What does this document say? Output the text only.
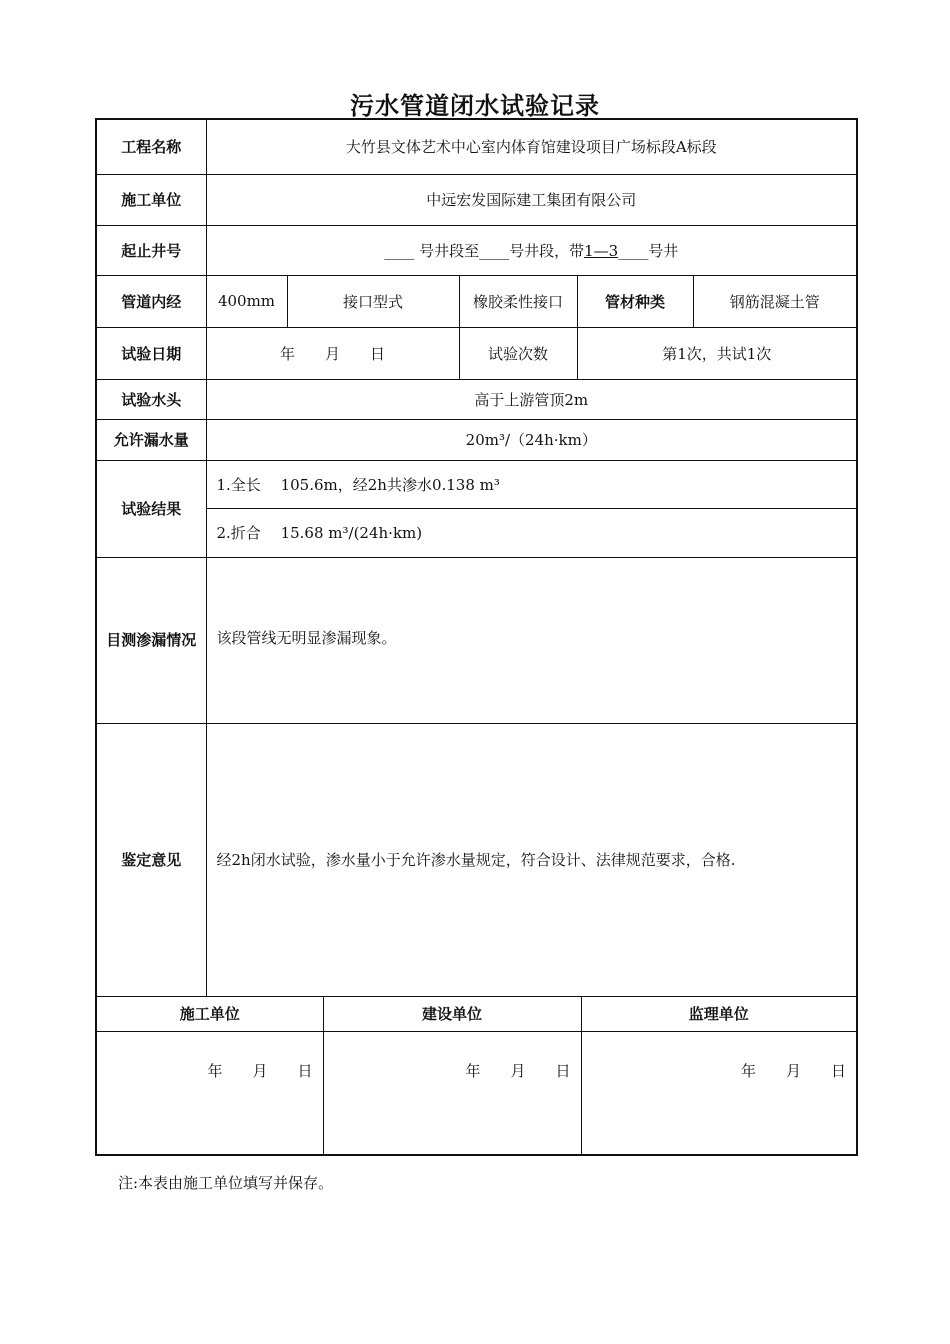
污水管道闭水试验记录
工程名称	大竹县文体艺术中心室内体育馆建设项目广场标段A标段						
施工单位	中远宏发国际建工集团有限公司						
起止井号	____ 号井段至____号井段，带1—3____号井						
管道内经	400mm	接口型式		橡胶柔性接口	管材种类		钢筋混凝土管
试验日期	年　　月　　日			试验次数	第1次，共试1次		
试验水头	高于上游管顶2m						
允许漏水量	20m³/（24h·km）						
试验结果	1.全长　 105.6m，经2h共渗水0.138 m³						
	2.折合　 15.68 m³/(24h·km)						
目测渗漏情况	该段管线无明显渗漏现象。						
鉴定意见	经2h闭水试验，渗水量小于允许渗水量规定，符合设计、法律规范要求，合格.						
施工单位			建设单位			监理单位	
年　　月　　日			年　　月　　日			年　　月　　日	
注:本表由施工单位填写并保存。
